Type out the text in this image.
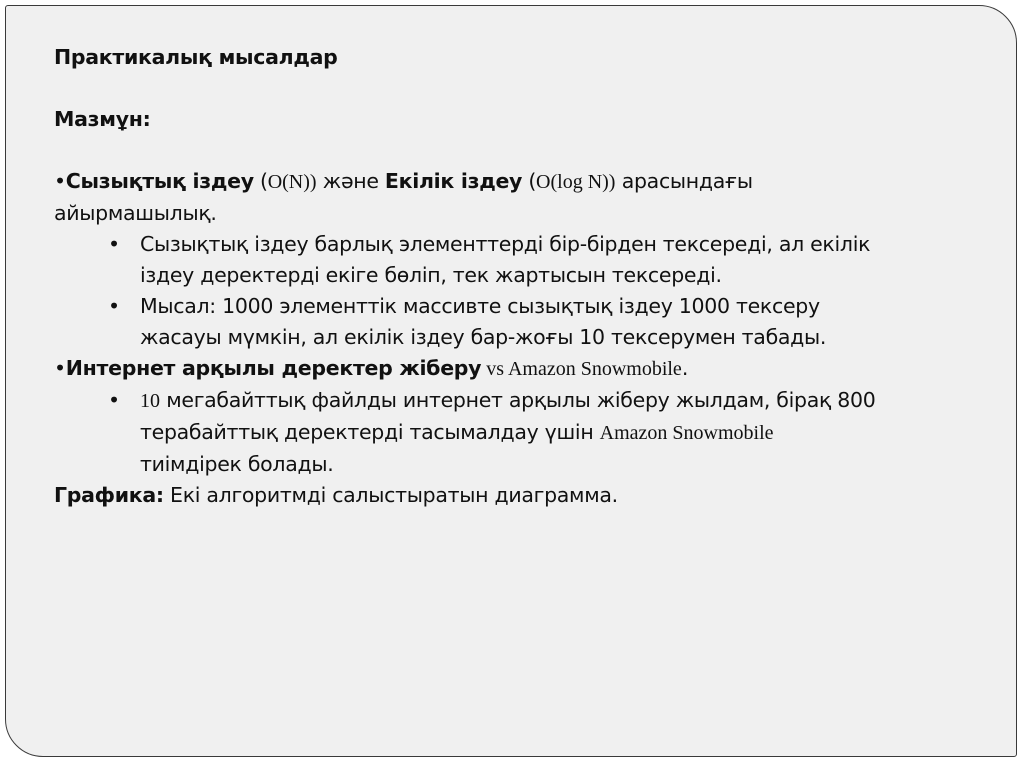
Практикалық мысалдар
Мазмұн:
•Сызықтық іздеу (O(N)) және Екілік іздеу (O(log N)) арасындағы
айырмашылық.
• Сызықтық іздеу барлық элементтерді бір-бірден тексереді, ал екілік
іздеу деректерді екіге бөліп, тек жартысын тексереді.
• Мысал: 1000 элементтік массивте сызықтық іздеу 1000 тексеру
жасауы мүмкін, ал екілік іздеу бар-жоғы 10 тексерумен табады.
•Интернет арқылы деректер жіберу vs Amazon Snowmobile.
• 10 мегабайттық файлды интернет арқылы жіберу жылдам, бірақ 800
терабайттық деректерді тасымалдау үшін Amazon Snowmobile
тиімдірек болады.
Графика: Екі алгоритмді салыстыратын диаграмма.
